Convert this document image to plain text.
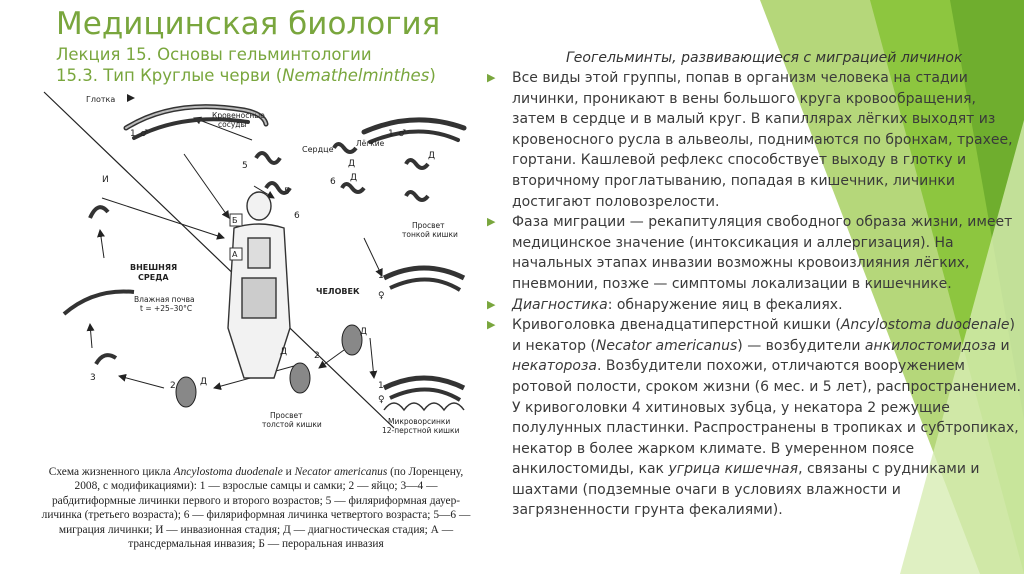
Медицинская биология
Лекция 15. Основы гельминтологии
15.3. Тип Круглые черви (Nemathelminthes)
Глотка
Кровеносные
сосуды
Сердце
Лёгкие
Просвет
тонкой кишки
ВНЕШНЯЯ
СРЕДА
ЧЕЛОВЕК
Влажная почва
t = +25–30°C
Просвет
толстой кишки	Микроворсинки
12-перстной кишки
И
Б
А
Д
Д
Д
Д
Д
Д
1 ♂	1 ♂
5
5
6
6
1
♀
2
2
3
1
♀
Схема жизненного цикла Ancylostoma duodenale и Necator americanus (по Лоренцену, 2008, с модификациями): 1 — взрослые самцы и самки; 2 — яйцо; 3—4 — рабдитиформные личинки первого и второго возрастов; 5 — филяриформная дауер-личинка (третьего возраста); 6 — филяриформная личинка четвертого возраста; 5—6 — миграция личинки; И — инвазионная стадия; Д — диагностическая стадия; А — трансдермальная инвазия; Б — пероральная инвазия

Геогельминты, развивающиеся с миграцией личинок

▶ Все виды этой группы, попав в организм человека на стадии личинки, проникают в вены большого круга кровообращения, затем в сердце и в малый круг. В капиллярах лёгких выходят из кровеносного русла в альвеолы, поднимаются по бронхам, трахее, гортани. Кашлевой рефлекс способствует выходу в глотку и вторичному проглатыванию, попадая в кишечник, личинки достигают половозрелости.
▶ Фаза миграции — рекапитуляция свободного образа жизни, имеет медицинское значение (интоксикация и аллергизация). На начальных этапах инвазии возможны кровоизлияния лёгких, пневмонии, позже — симптомы локализации в кишечнике.
▶ Диагностика: обнаружение яиц в фекалиях.
▶ Кривоголовка двенадцатиперстной кишки (Ancylostoma duodenale) и некатор (Necator americanus) — возбудители анкилостомидоза и некатороза. Возбудители похожи, отличаются вооружением ротовой полости, сроком жизни (6 мес. и 5 лет), распространением. У кривоголовки 4 хитиновых зубца, у некатора 2 режущие полулунных пластинки. Распространены в тропиках и субтропиках, некатор в более жарком климате. В умеренном поясе анкилостомиды, как угрица кишечная, связаны с рудниками и шахтами (подземные очаги в условиях влажности и загрязненности грунта фекалиями).
